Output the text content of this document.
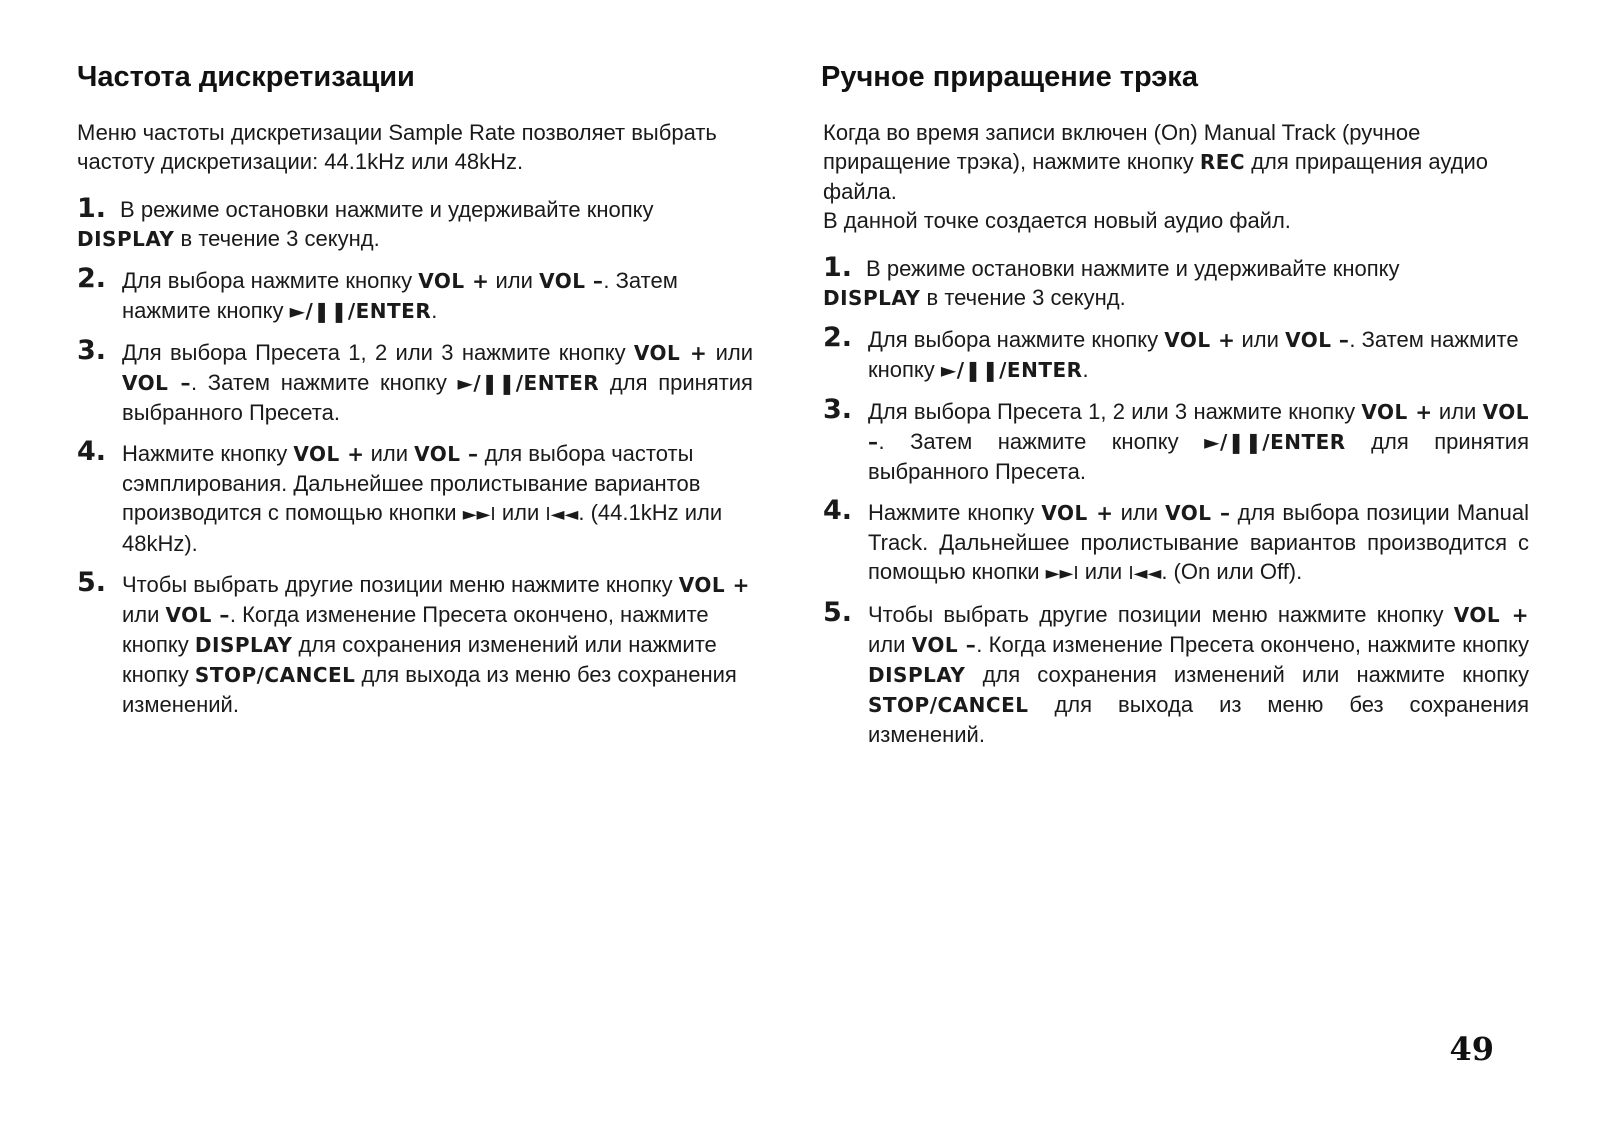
Частота дискретизации

Меню частоты дискретизации Sample Rate позволяет выбрать частоту дискретизации: 44.1kHz или 48kHz.

1. В режиме остановки нажмите и удерживайте кнопку
DISPLAY в течение 3 секунд.
2. Для выбора нажмите кнопку VOL + или VOL –. Затем нажмите кнопку ►/❚❚/ENTER.
3. Для выбора Пресета 1, 2 или 3 нажмите кнопку VOL + или VOL –. Затем нажмите кнопку ►/❚❚/ENTER для принятия выбранного Пресета.
4. Нажмите кнопку VOL + или VOL – для выбора частоты сэмплирования. Дальнейшее пролистывание вариантов производится с помощью кнопки ►►I или I◄◄. (44.1kHz или 48kHz).
5. Чтобы выбрать другие позиции меню нажмите кнопку VOL + или VOL –. Когда изменение Пресета окончено, нажмите кнопку DISPLAY для сохранения изменений или нажмите кнопку STOP/CANCEL для выхода из меню без сохранения изменений.
Ручное приращение трэка

Когда во время записи включен (On) Manual Track (ручное приращение трэка), нажмите кнопку REC для приращения аудио файла.
В данной точке создается новый аудио файл.

1. В режиме остановки нажмите и удерживайте кнопку
DISPLAY в течение 3 секунд.
2. Для выбора нажмите кнопку VOL + или VOL –. Затем нажмите кнопку ►/❚❚/ENTER.
3. Для выбора Пресета 1, 2 или 3 нажмите кнопку VOL + или VOL –. Затем нажмите кнопку ►/❚❚/ENTER для принятия выбранного Пресета.
4. Нажмите кнопку VOL + или VOL – для выбора позиции Manual Track. Дальнейшее пролистывание вариантов производится с помощью кнопки ►►I или I◄◄. (On или Off).
5. Чтобы выбрать другие позиции меню нажмите кнопку VOL + или VOL –. Когда изменение Пресета окончено, нажмите кнопку DISPLAY для сохранения изменений или нажмите кнопку STOP/CANCEL для выхода из меню без сохранения изменений.
49
